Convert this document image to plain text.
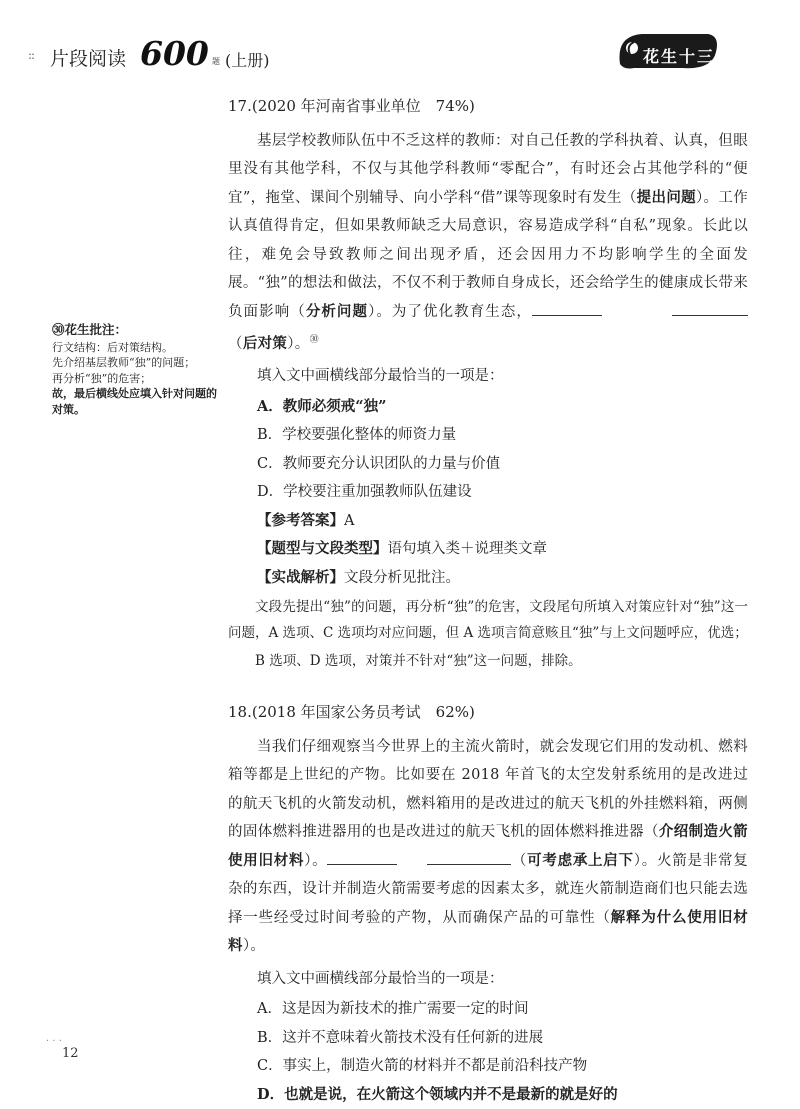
:: 片段阅读 600 题 (上册)	花生十三
㉚花生批注：

行文结构：后对策结构。

先介绍基层教师“独”的问题；

再分析“独”的危害；

故，最后横线处应填入针对问题的对策。

17.(2020 年河南省事业单位　74%)

基层学校教师队伍中不乏这样的教师：对自己任教的学科执着、认真，但眼里没有其他学科，不仅与其他学科教师“零配合”，有时还会占其他学科的“便宜”，拖堂、课间个别辅导、向小学科“借”课等现象时有发生（提出问题）。工作认真值得肯定，但如果教师缺乏大局意识，容易造成学科“自私”现象。长此以往，难免会导致教师之间出现矛盾，还会因用力不均影响学生的全面发展。“独”的想法和做法，不仅不利于教师自身成长，还会给学生的健康成长带来负面影响（分析问题）。为了优化教育生态，（后对策）。$^㉚$

填入文中画横线部分最恰当的一项是：

A．教师必须戒“独”

B．学校要强化整体的师资力量

C．教师要充分认识团队的力量与价值

D．学校要注重加强教师队伍建设

【参考答案】A

【题型与文段类型】语句填入类＋说理类文章

【实战解析】文段分析见批注。

文段先提出“独”的问题，再分析“独”的危害，文段尾句所填入对策应针对“独”这一问题，A 选项、C 选项均对应问题，但 A 选项言简意赅且“独”与上文问题呼应，优选；

B 选项、D 选项，对策并不针对“独”这一问题，排除。

18.(2018 年国家公务员考试　62%)

当我们仔细观察当今世界上的主流火箭时，就会发现它们用的发动机、燃料箱等都是上世纪的产物。比如要在 2018 年首飞的太空发射系统用的是改进过的航天飞机的火箭发动机，燃料箱用的是改进过的航天飞机的外挂燃料箱，两侧的固体燃料推进器用的也是改进过的航天飞机的固体燃料推进器（介绍制造火箭使用旧材料）。	（可考虑承上启下）。火箭是非常复杂的东西，设计并制造火箭需要考虑的因素太多，就连火箭制造商们也只能去选择一些经受过时间考验的产物，从而确保产品的可靠性（解释为什么使用旧材料）。

填入文中画横线部分最恰当的一项是：

A．这是因为新技术的推广需要一定的时间

B．这并不意味着火箭技术没有任何新的进展

C．事实上，制造火箭的材料并不都是前沿科技产物

D．也就是说，在火箭这个领域内并不是最新的就是好的

· · ·
12
